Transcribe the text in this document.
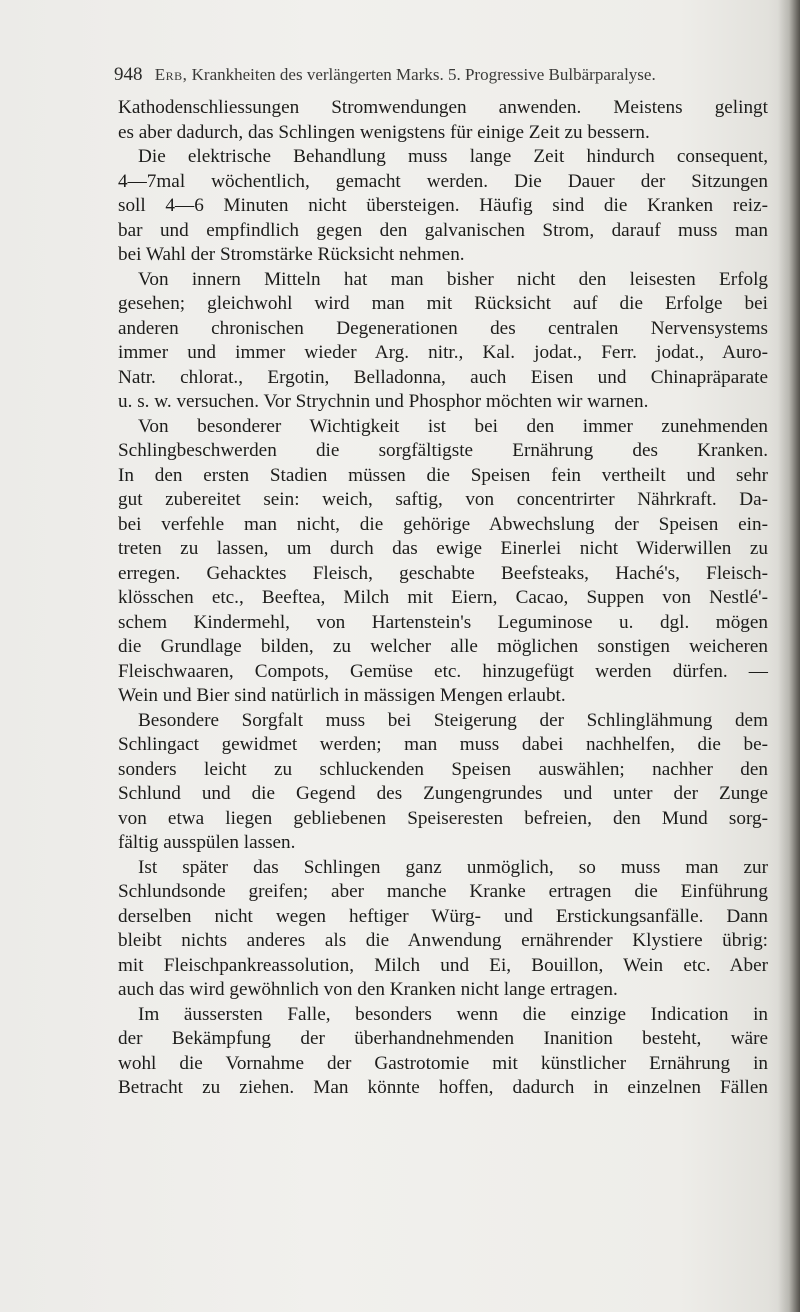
948 Erb, Krankheiten des verlängerten Marks. 5. Progressive Bulbärparalyse.
Kathodenschliessungen Stromwendungen anwenden. Meistens gelingt
es aber dadurch, das Schlingen wenigstens für einige Zeit zu bessern.
Die elektrische Behandlung muss lange Zeit hindurch consequent,
4—7mal wöchentlich, gemacht werden. Die Dauer der Sitzungen
soll 4—6 Minuten nicht übersteigen. Häufig sind die Kranken reiz-
bar und empfindlich gegen den galvanischen Strom, darauf muss man
bei Wahl der Stromstärke Rücksicht nehmen.
Von innern Mitteln hat man bisher nicht den leisesten Erfolg
gesehen; gleichwohl wird man mit Rücksicht auf die Erfolge bei
anderen chronischen Degenerationen des centralen Nervensystems
immer und immer wieder Arg. nitr., Kal. jodat., Ferr. jodat., Auro-
Natr. chlorat., Ergotin, Belladonna, auch Eisen und Chinapräparate
u. s. w. versuchen. Vor Strychnin und Phosphor möchten wir warnen.
Von besonderer Wichtigkeit ist bei den immer zunehmenden
Schlingbeschwerden die sorgfältigste Ernährung des Kranken.
In den ersten Stadien müssen die Speisen fein vertheilt und sehr
gut zubereitet sein: weich, saftig, von concentrirter Nährkraft. Da-
bei verfehle man nicht, die gehörige Abwechslung der Speisen ein-
treten zu lassen, um durch das ewige Einerlei nicht Widerwillen zu
erregen. Gehacktes Fleisch, geschabte Beefsteaks, Haché's, Fleisch-
klösschen etc., Beeftea, Milch mit Eiern, Cacao, Suppen von Nestlé'-
schem Kindermehl, von Hartenstein's Leguminose u. dgl. mögen
die Grundlage bilden, zu welcher alle möglichen sonstigen weicheren
Fleischwaaren, Compots, Gemüse etc. hinzugefügt werden dürfen. —
Wein und Bier sind natürlich in mässigen Mengen erlaubt.
Besondere Sorgfalt muss bei Steigerung der Schlinglähmung dem
Schlingact gewidmet werden; man muss dabei nachhelfen, die be-
sonders leicht zu schluckenden Speisen auswählen; nachher den
Schlund und die Gegend des Zungengrundes und unter der Zunge
von etwa liegen gebliebenen Speiseresten befreien, den Mund sorg-
fältig ausspülen lassen.
Ist später das Schlingen ganz unmöglich, so muss man zur
Schlundsonde greifen; aber manche Kranke ertragen die Einführung
derselben nicht wegen heftiger Würg- und Erstickungsanfälle. Dann
bleibt nichts anderes als die Anwendung ernährender Klystiere übrig:
mit Fleischpankreassolution, Milch und Ei, Bouillon, Wein etc. Aber
auch das wird gewöhnlich von den Kranken nicht lange ertragen.
Im äussersten Falle, besonders wenn die einzige Indication in
der Bekämpfung der überhandnehmenden Inanition besteht, wäre
wohl die Vornahme der Gastrotomie mit künstlicher Ernährung in
Betracht zu ziehen. Man könnte hoffen, dadurch in einzelnen Fällen
